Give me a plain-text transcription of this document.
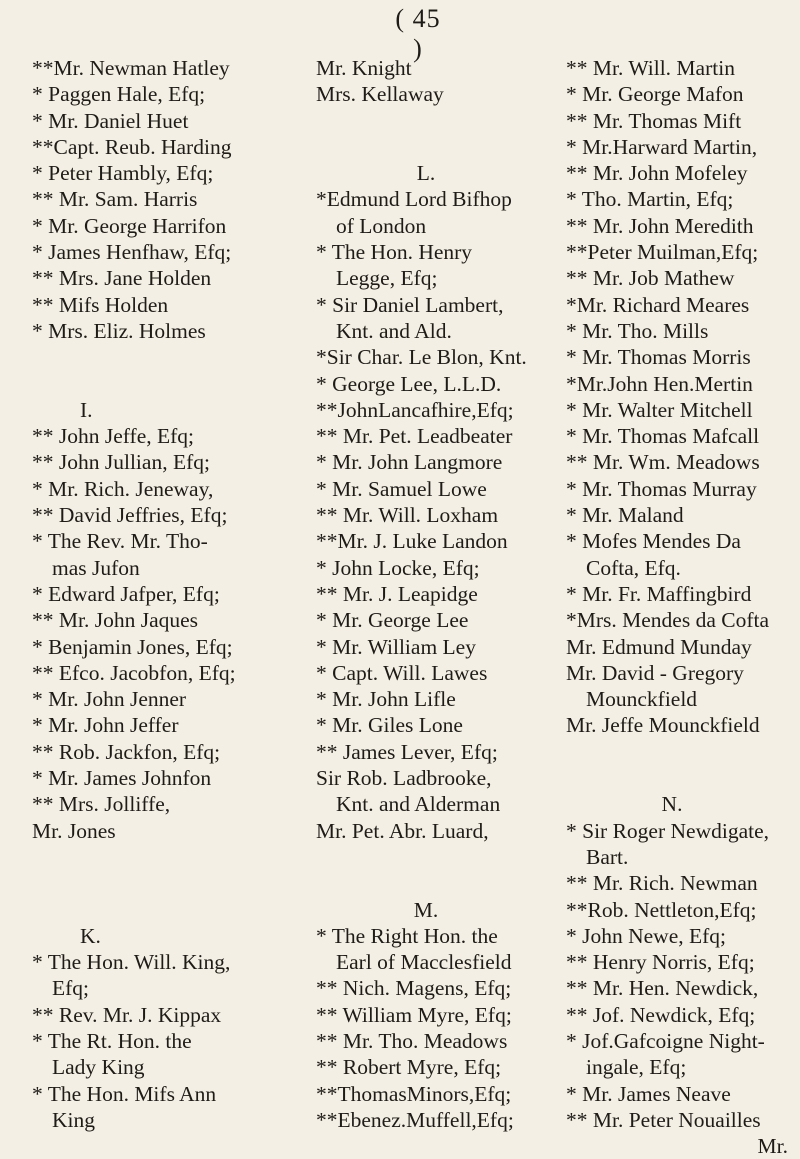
( 45 )
**Mr. Newman Hatley
* Paggen Hale, Efq;
* Mr. Daniel Huet
**Capt. Reub. Harding
* Peter Hambly, Efq;
** Mr. Sam. Harris
* Mr. George Harrifon
* James Henfhaw, Efq;
** Mrs. Jane Holden
** Mifs Holden
* Mrs. Eliz. Holmes
I.
** John Jeffe, Efq;
** John Jullian, Efq;
* Mr. Rich. Jeneway,
** David Jeffries, Efq;
* The Rev. Mr. Tho-
mas Jufon
* Edward Jafper, Efq;
** Mr. John Jaques
* Benjamin Jones, Efq;
** Efco. Jacobfon, Efq;
* Mr. John Jenner
* Mr. John Jeffer
** Rob. Jackfon, Efq;
* Mr. James Johnfon
** Mrs. Jolliffe,
Mr. Jones
K.
* The Hon. Will. King,
Efq;
** Rev. Mr. J. Kippax
* The Rt. Hon. the
Lady King
* The Hon. Mifs Ann
King
Mr. Knight
Mrs. Kellaway
L.
*Edmund Lord Bifhop
of London
* The Hon. Henry
Legge, Efq;
* Sir Daniel Lambert,
Knt. and Ald.
*Sir Char. Le Blon, Knt.
* George Lee, L.L.D.
**JohnLancafhire,Efq;
** Mr. Pet. Leadbeater
* Mr. John Langmore
* Mr. Samuel Lowe
** Mr. Will. Loxham
**Mr. J. Luke Landon
* John Locke, Efq;
** Mr. J. Leapidge
* Mr. George Lee
* Mr. William Ley
* Capt. Will. Lawes
* Mr. John Lifle
* Mr. Giles Lone
** James Lever, Efq;
Sir Rob. Ladbrooke,
Knt. and Alderman
Mr. Pet. Abr. Luard,
M.
* The Right Hon. the
Earl of Macclesfield
** Nich. Magens, Efq;
** William Myre, Efq;
** Mr. Tho. Meadows
** Robert Myre, Efq;
**ThomasMinors,Efq;
**Ebenez.Muffell,Efq;
** Mr. Will. Martin
* Mr. George Mafon
** Mr. Thomas Mift
* Mr.Harward Martin,
** Mr. John Mofeley
* Tho. Martin, Efq;
** Mr. John Meredith
**Peter Muilman,Efq;
** Mr. Job Mathew
*Mr. Richard Meares
* Mr. Tho. Mills
* Mr. Thomas Morris
*Mr.John Hen.Mertin
* Mr. Walter Mitchell
* Mr. Thomas Mafcall
** Mr. Wm. Meadows
* Mr. Thomas Murray
* Mr. Maland
* Mofes Mendes Da
Cofta, Efq.
* Mr. Fr. Maffingbird
*Mrs. Mendes da Cofta
Mr. Edmund Munday
Mr. David - Gregory
Mounckfield
Mr. Jeffe Mounckfield
N.
* Sir Roger Newdigate,
Bart.
** Mr. Rich. Newman
**Rob. Nettleton,Efq;
* John Newe, Efq;
** Henry Norris, Efq;
** Mr. Hen. Newdick,
** Jof. Newdick, Efq;
* Jof.Gafcoigne Night-
ingale, Efq;
* Mr. James Neave
** Mr. Peter Nouailles
Mr.
